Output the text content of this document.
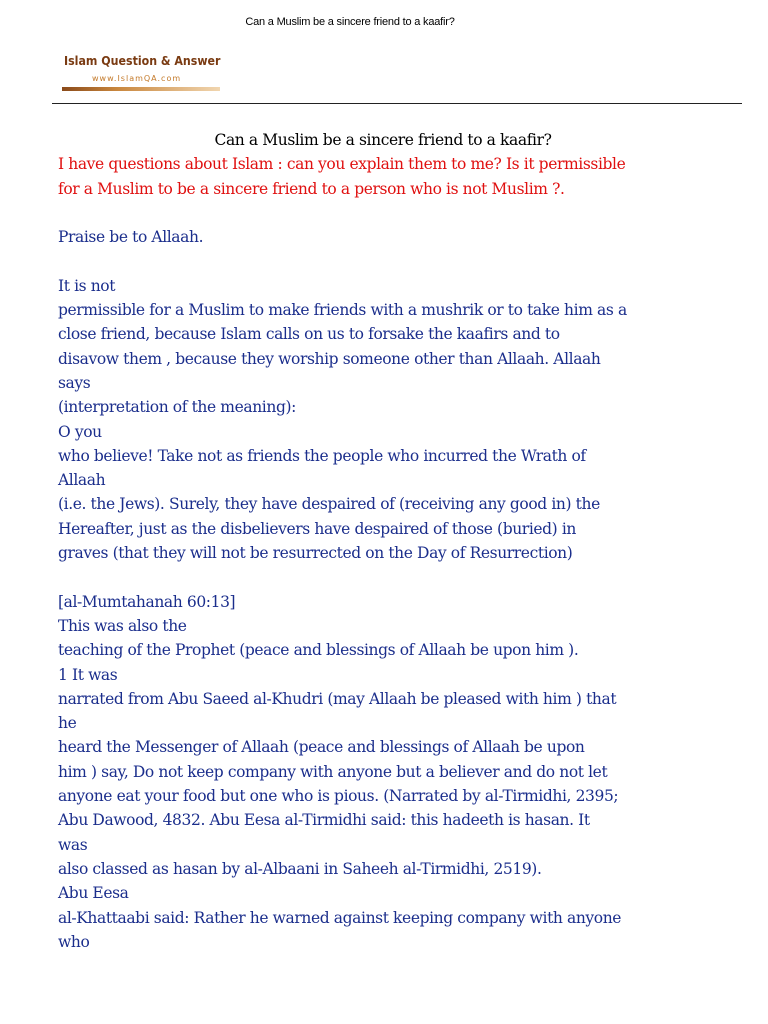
Can a Muslim be a sincere friend to a kaafir?
Islam Question & Answer
www.IslamQA.com
Can a Muslim be a sincere friend to a kaafir?
I have questions about Islam : can you explain them to me? Is it permissible
for a Muslim to be a sincere friend to a person who is not Muslim ?.
Praise be to Allaah.
It is not
permissible for a Muslim to make friends with a mushrik or to take him as a
close friend, because Islam calls on us to forsake the kaafirs and to
disavow them , because they worship someone other than Allaah. Allaah
says
(interpretation of the meaning):
O you
who believe! Take not as friends the people who incurred the Wrath of
Allaah
(i.e. the Jews). Surely, they have despaired of (receiving any good in) the
Hereafter, just as the disbelievers have despaired of those (buried) in
graves (that they will not be resurrected on the Day of Resurrection)
[al-Mumtahanah 60:13]
This was also the
teaching of the Prophet (peace and blessings of Allaah be upon him ).
1 It was
narrated from Abu Saeed al-Khudri (may Allaah be pleased with him ) that
he
heard the Messenger of Allaah (peace and blessings of Allaah be upon
him ) say, Do not keep company with anyone but a believer and do not let
anyone eat your food but one who is pious. (Narrated by al-Tirmidhi, 2395;
Abu Dawood, 4832. Abu Eesa al-Tirmidhi said: this hadeeth is hasan. It
was
also classed as hasan by al-Albaani in Saheeh al-Tirmidhi, 2519).
Abu Eesa
al-Khattaabi said: Rather he warned against keeping company with anyone
who
